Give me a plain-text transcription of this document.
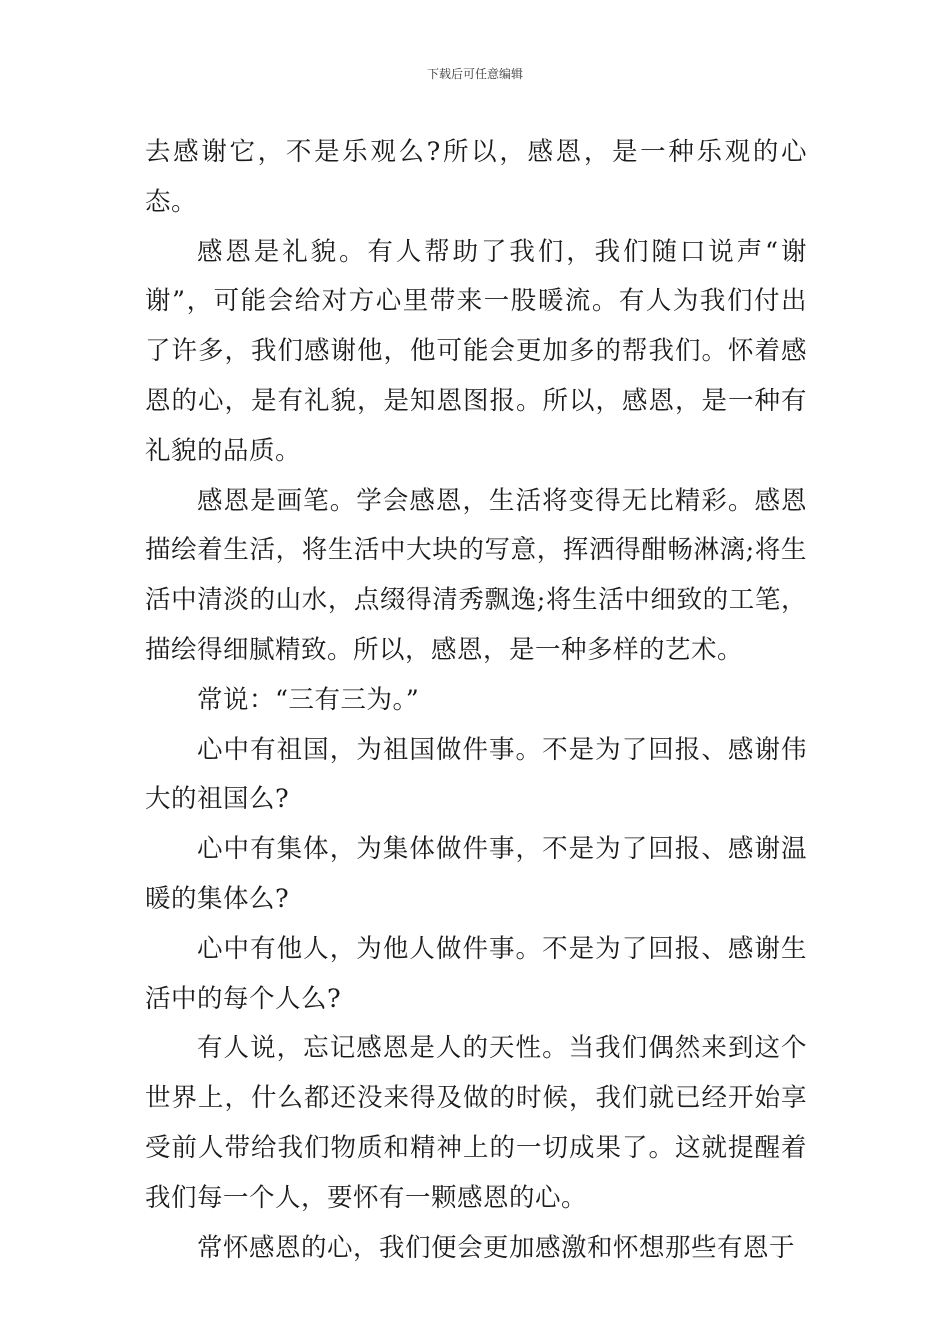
下载后可任意编辑

去感谢它，不是乐观么?所以，感恩，是一种乐观的心态。

感恩是礼貌。有人帮助了我们，我们随口说声“谢谢”，可能会给对方心里带来一股暖流。有人为我们付出了许多，我们感谢他，他可能会更加多的帮我们。怀着感恩的心，是有礼貌，是知恩图报。所以，感恩，是一种有礼貌的品质。

感恩是画笔。学会感恩，生活将变得无比精彩。感恩描绘着生活，将生活中大块的写意，挥洒得酣畅淋漓;将生活中清淡的山水，点缀得清秀飘逸;将生活中细致的工笔，描绘得细腻精致。所以，感恩，是一种多样的艺术。

常说：“三有三为。”

心中有祖国，为祖国做件事。不是为了回报、感谢伟大的祖国么?

心中有集体，为集体做件事，不是为了回报、感谢温暖的集体么?

心中有他人，为他人做件事。不是为了回报、感谢生活中的每个人么?

有人说，忘记感恩是人的天性。当我们偶然来到这个世界上，什么都还没来得及做的时候，我们就已经开始享受前人带给我们物质和精神上的一切成果了。这就提醒着我们每一个人，要怀有一颗感恩的心。

常怀感恩的心，我们便会更加感激和怀想那些有恩于
